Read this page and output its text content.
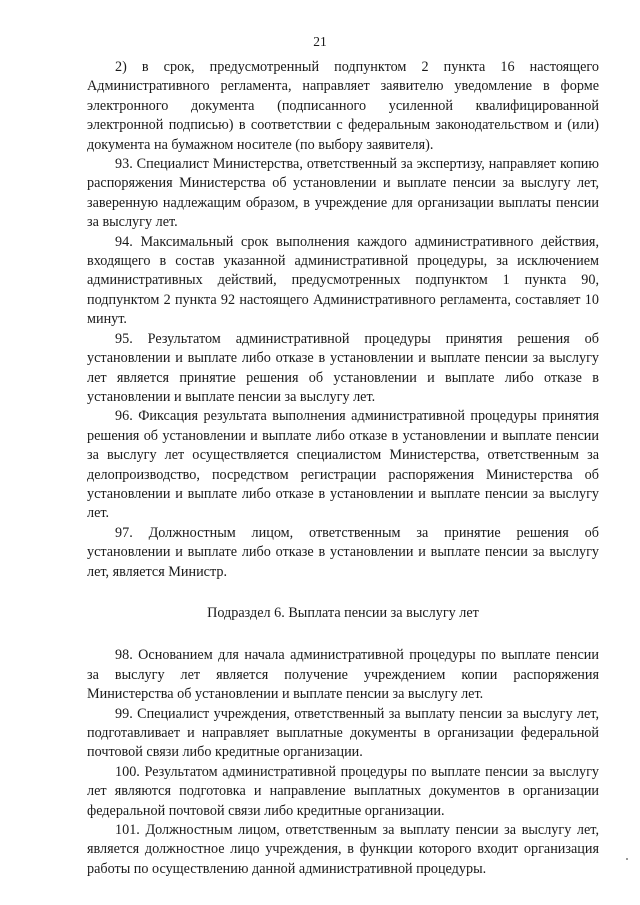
21

2) в срок, предусмотренный подпунктом 2 пункта 16 настоящего Административного регламента, направляет заявителю уведомление в форме электронного документа (подписанного усиленной квалифицированной электронной подписью) в соответствии с федеральным законодательством и (или) документа на бумажном носителе (по выбору заявителя).

93. Специалист Министерства, ответственный за экспертизу, направляет копию распоряжения Министерства об установлении и выплате пенсии за выслугу лет, заверенную надлежащим образом, в учреждение для организации выплаты пенсии за выслугу лет.

94. Максимальный срок выполнения каждого административного действия, входящего в состав указанной административной процедуры, за исключением административных действий, предусмотренных подпунктом 1 пункта 90, подпунктом 2 пункта 92 настоящего Административного регламента, составляет 10 минут.

95. Результатом административной процедуры принятия решения об установлении и выплате либо отказе в установлении и выплате пенсии за выслугу лет является принятие решения об установлении и выплате либо отказе в установлении и выплате пенсии за выслугу лет.

96. Фиксация результата выполнения административной процедуры принятия решения об установлении и выплате либо отказе в установлении и выплате пенсии за выслугу лет осуществляется специалистом Министерства, ответственным за делопроизводство, посредством регистрации распоряжения Министерства об установлении и выплате либо отказе в установлении и выплате пенсии за выслугу лет.

97. Должностным лицом, ответственным за принятие решения об установлении и выплате либо отказе в установлении и выплате пенсии за выслугу лет, является Министр.

Подраздел 6. Выплата пенсии за выслугу лет

98. Основанием для начала административной процедуры по выплате пенсии за выслугу лет является получение учреждением копии распоряжения Министерства об установлении и выплате пенсии за выслугу лет.

99. Специалист учреждения, ответственный за выплату пенсии за выслугу лет, подготавливает и направляет выплатные документы в организации федеральной почтовой связи либо кредитные организации.

100. Результатом административной процедуры по выплате пенсии за выслугу лет являются подготовка и направление выплатных документов в организации федеральной почтовой связи либо кредитные организации.

101. Должностным лицом, ответственным за выплату пенсии за выслугу лет, является должностное лицо учреждения, в функции которого входит организация работы по осуществлению данной административной процедуры.
